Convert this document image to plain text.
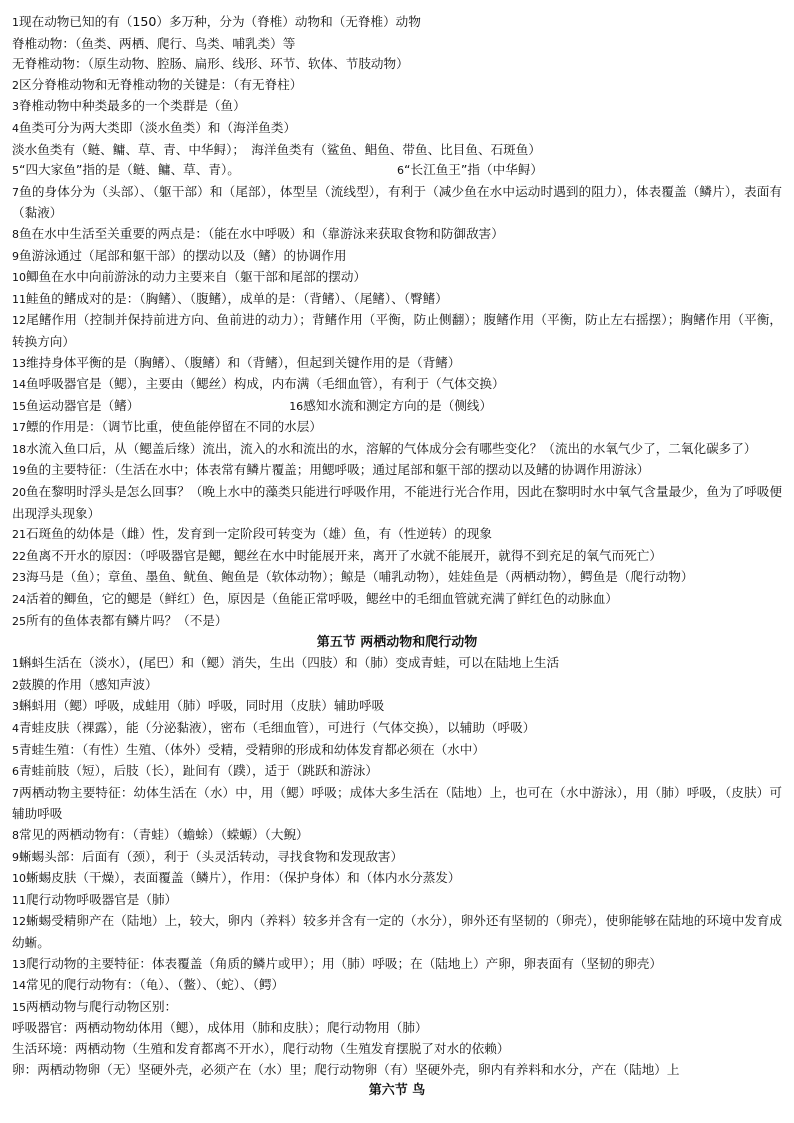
1现在动物已知的有（150）多万种，分为（脊椎）动物和（无脊椎）动物
脊椎动物：（鱼类、两栖、爬行、鸟类、哺乳类）等
无脊椎动物：（原生动物、腔肠、扁形、线形、环节、软体、节肢动物）
2区分脊椎动物和无脊椎动物的关键是：（有无脊柱）
3脊椎动物中种类最多的一个类群是（鱼）
4鱼类可分为两大类即（淡水鱼类）和（海洋鱼类）
淡水鱼类有（鲢、鳙、草、青、中华鲟）；　海洋鱼类有（鲨鱼、鲳鱼、带鱼、比目鱼、石斑鱼）
5“四大家鱼”指的是（鲢、鳙、草、青）。	6“长江鱼王”指（中华鲟）
7鱼的身体分为（头部）、（躯干部）和（尾部），体型呈（流线型），有利于（减少鱼在水中运动时遇到的阻力），体表覆盖（鳞片），表面有（黏液）
8鱼在水中生活至关重要的两点是：（能在水中呼吸）和（靠游泳来获取食物和防御敌害）
9鱼游泳通过（尾部和躯干部）的摆动以及（鳍）的协调作用
10鲫鱼在水中向前游泳的动力主要来自（躯干部和尾部的摆动）
11鲑鱼的鳍成对的是：（胸鳍）、（腹鳍），成单的是：（背鳍）、（尾鳍）、（臀鳍）
12尾鳍作用（控制并保持前进方向、鱼前进的动力）；背鳍作用（平衡，防止侧翻）；腹鳍作用（平衡，防止左右摇摆）；胸鳍作用（平衡，转换方向）
13维持身体平衡的是（胸鳍）、（腹鳍）和（背鳍），但起到关键作用的是（背鳍）
14鱼呼吸器官是（鳃），主要由（鳃丝）构成，内布满（毛细血管），有利于（气体交换）
15鱼运动器官是（鳍）	16感知水流和测定方向的是（侧线）
17鳔的作用是：（调节比重，使鱼能停留在不同的水层）
18水流入鱼口后，从（鳃盖后缘）流出，流入的水和流出的水，溶解的气体成分会有哪些变化？（流出的水氧气少了，二氧化碳多了）
19鱼的主要特征：（生活在水中；体表常有鳞片覆盖；用鳃呼吸；通过尾部和躯干部的摆动以及鳍的协调作用游泳）
20鱼在黎明时浮头是怎么回事？（晚上水中的藻类只能进行呼吸作用，不能进行光合作用，因此在黎明时水中氧气含量最少，鱼为了呼吸便出现浮头现象）
21石斑鱼的幼体是（雌）性，发育到一定阶段可转变为（雄）鱼，有（性逆转）的现象
22鱼离不开水的原因：（呼吸器官是鳃，鳃丝在水中时能展开来，离开了水就不能展开，就得不到充足的氧气而死亡）
23海马是（鱼）；章鱼、墨鱼、鱿鱼、鲍鱼是（软体动物）；鲸是（哺乳动物），娃娃鱼是（两栖动物），鳄鱼是（爬行动物）
24活着的鲫鱼，它的鳃是（鲜红）色，原因是（鱼能正常呼吸，鳃丝中的毛细血管就充满了鲜红色的动脉血）
25所有的鱼体表都有鳞片吗？（不是）
第五节 两栖动物和爬行动物
1蝌蚪生活在（淡水），(尾巴）和（鳃）消失，生出（四肢）和（肺）变成青蛙，可以在陆地上生活
2鼓膜的作用（感知声波）
3蝌蚪用（鳃）呼吸，成蛙用（肺）呼吸，同时用（皮肤）辅助呼吸
4青蛙皮肤（裸露），能（分泌黏液），密布（毛细血管），可进行（气体交换），以辅助（呼吸）
5青蛙生殖：（有性）生殖、（体外）受精，受精卵的形成和幼体发育都必须在（水中）
6青蛙前肢（短），后肢（长），趾间有（蹼），适于（跳跃和游泳）
7两栖动物主要特征：幼体生活在（水）中，用（鳃）呼吸；成体大多生活在（陆地）上，也可在（水中游泳），用（肺）呼吸，（皮肤）可辅助呼吸
8常见的两栖动物有：（青蛙）（蟾蜍）（蝾螈）（大鲵）
9蜥蜴头部：后面有（颈），利于（头灵活转动，寻找食物和发现敌害）
10蜥蜴皮肤（干燥），表面覆盖（鳞片），作用：（保护身体）和（体内水分蒸发）
11爬行动物呼吸器官是（肺）
12蜥蜴受精卵产在（陆地）上，较大，卵内（养料）较多并含有一定的（水分），卵外还有坚韧的（卵壳），使卵能够在陆地的环境中发育成幼蜥。
13爬行动物的主要特征：体表覆盖（角质的鳞片或甲）；用（肺）呼吸；在（陆地上）产卵，卵表面有（坚韧的卵壳）
14常见的爬行动物有：（龟）、（鳖）、（蛇）、（鳄）
15两栖动物与爬行动物区别：
呼吸器官：两栖动物幼体用（鳃），成体用（肺和皮肤）；爬行动物用（肺）
生活环境：两栖动物（生殖和发育都离不开水），爬行动物（生殖发育摆脱了对水的依赖）
卵：两栖动物卵（无）坚硬外壳，必须产在（水）里；爬行动物卵（有）坚硬外壳，卵内有养料和水分，产在（陆地）上
第六节 鸟
